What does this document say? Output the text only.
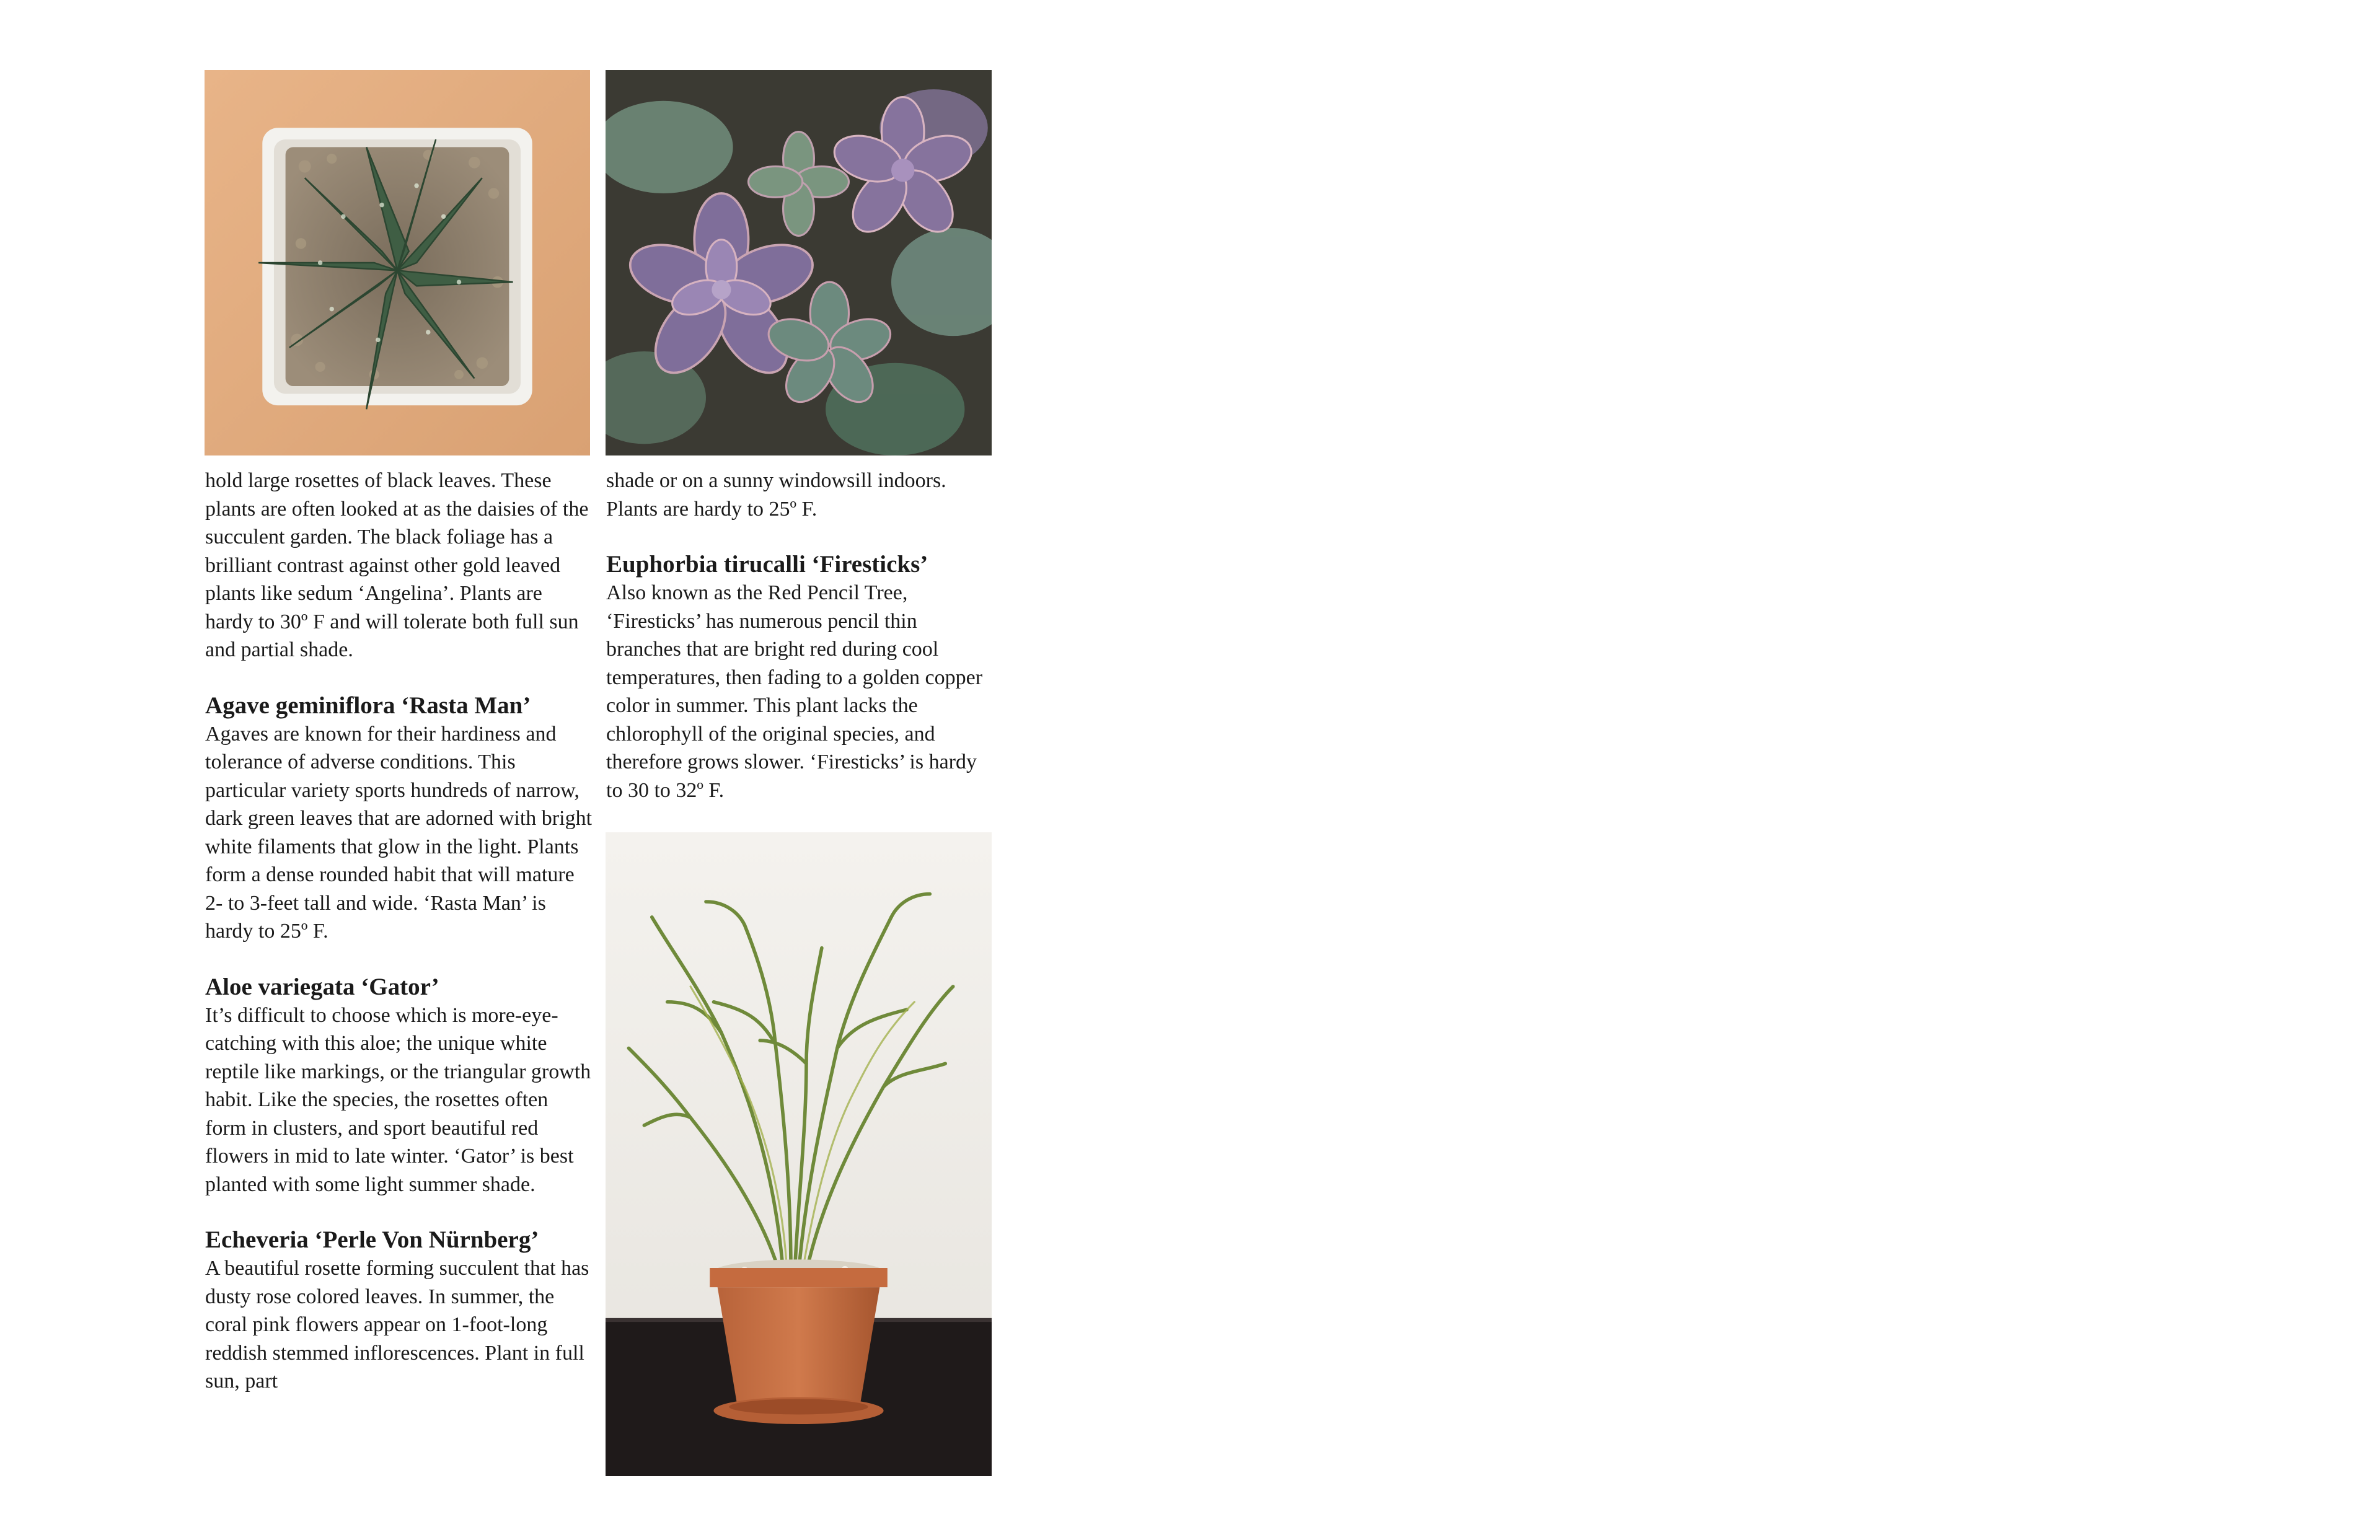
hold large rosettes of black leaves. These plants are often looked at as the daisies of the succulent garden. The black foliage has a brilliant contrast against other gold leaved plants like sedum ‘Angelina’. Plants are hardy to 30º F and will tolerate both full sun and partial shade.

Agave geminiflora ‘Rasta Man’

Agaves are known for their hardiness and tolerance of adverse conditions. This particular variety sports hundreds of narrow, dark green leaves that are adorned with bright white filaments that glow in the light. Plants form a dense rounded habit that will mature 2- to 3-feet tall and wide. ‘Rasta Man’ is hardy to 25º F.

Aloe variegata ‘Gator’

It’s difficult to choose which is more-eye-catching with this aloe; the unique white reptile like markings, or the triangular growth habit. Like the species, the rosettes often form in clusters, and sport beautiful red flowers in mid to late winter. ‘Gator’ is best planted with some light summer shade.

Echeveria ‘Perle Von Nürnberg’

A beautiful rosette forming succulent that has dusty rose colored leaves. In summer, the coral pink flowers appear on 1-foot-long reddish stemmed inflorescences. Plant in full sun, part

shade or on a sunny windowsill indoors. Plants are hardy to 25º F.

Euphorbia tirucalli ‘Firesticks’

Also known as the Red Pencil Tree, ‘Firesticks’ has numerous pencil thin branches that are bright red during cool temperatures, then fading to a golden copper color in summer. This plant lacks the chlorophyll of the original species, and therefore grows slower. ‘Firesticks’ is hardy to 30 to 32º F.
